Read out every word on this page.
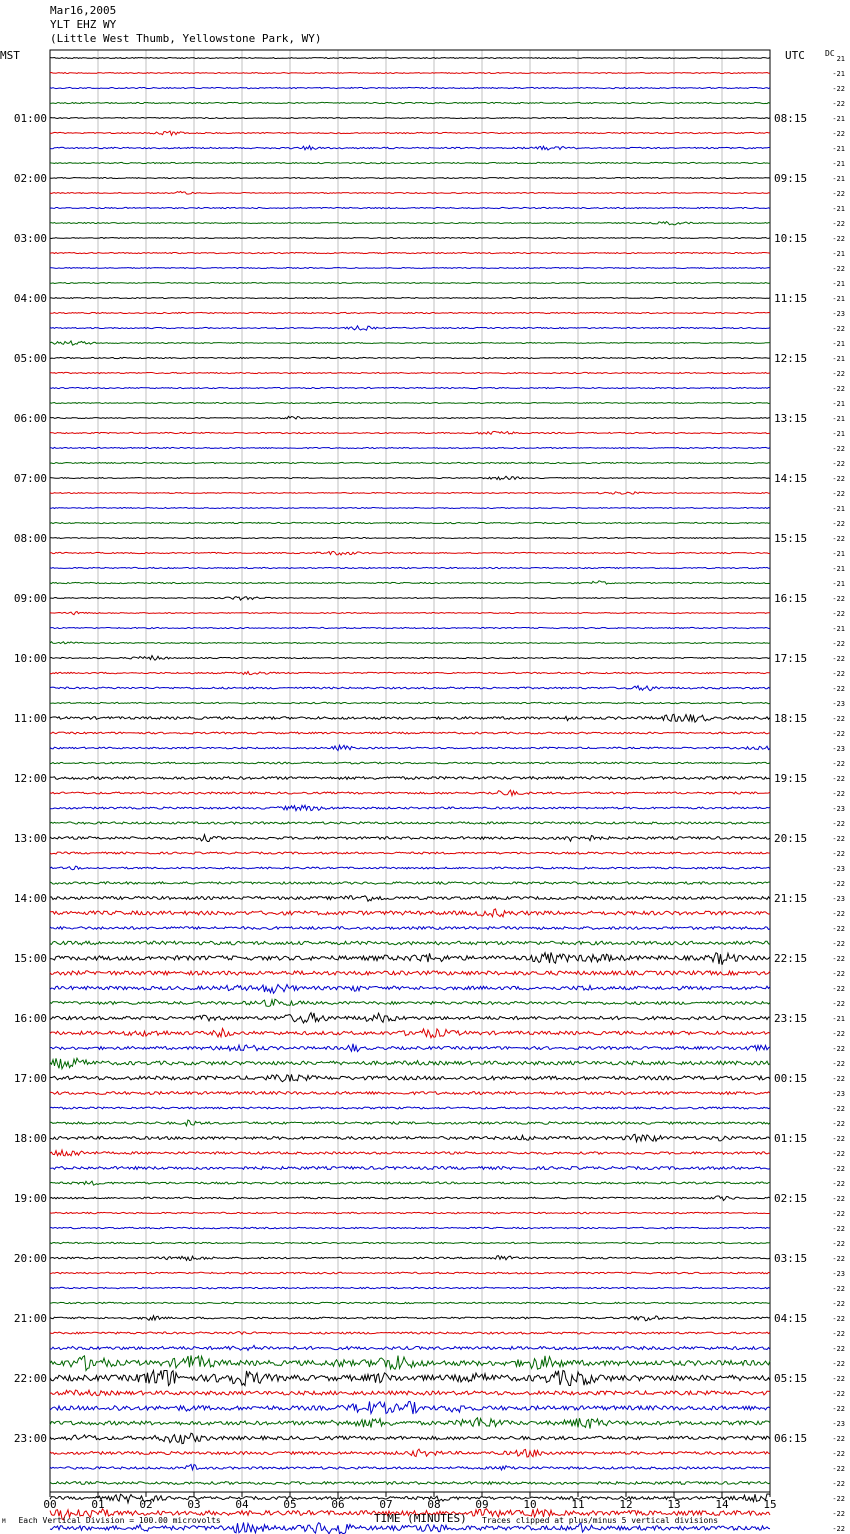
Mar16,2005
YLT EHZ WY
(Little West Thumb, Yellowstone Park, WY)
MST	UTC	DC
01:00
02:00
03:00
04:00
05:00
06:00
07:00
08:00
09:00
10:00
11:00
12:00
13:00
14:00
15:00
16:00
17:00
18:00
19:00
20:00
21:00
22:00
23:00
08:15
09:15
10:15
11:15
12:15
13:15
14:15
15:15
16:15
17:15
18:15
19:15
20:15
21:15
22:15
23:15
00:15
01:15
02:15
03:15
04:15
05:15
06:15
21
-21
-22
-22
-21
-22
-21
-21
-21
-22
-21
-22
-22
-21
-22
-21
-21
-23
-22
-21
-21
-22
-22
-21
-21
-21
-22
-22
-22
-22
-21
-22
-22
-21
-21
-21
-22
-22
-21
-22
-22
-22
-22
-23
-22
-22
-23
-22
-22
-22
-23
-22
-22
-22
-23
-22
-23
-22
-22
-22
-22
-22
-22
-22
-21
-22
-22
-22
-22
-23
-22
-22
-22
-22
-22
-22
-22
-22
-22
-22
-22
-23
-22
-22
-22
-22
-22
-22
-22
-22
-22
-23
-22
-22
-22
-22
-22
-22
-22
00	01	02	03	04	05	06	07	08	09	10	11	12	13	14	15
M Each Vertical Division = 100.00 microvolts	TIME (MINUTES) Traces clipped at plus/minus 5 vertical divisions
